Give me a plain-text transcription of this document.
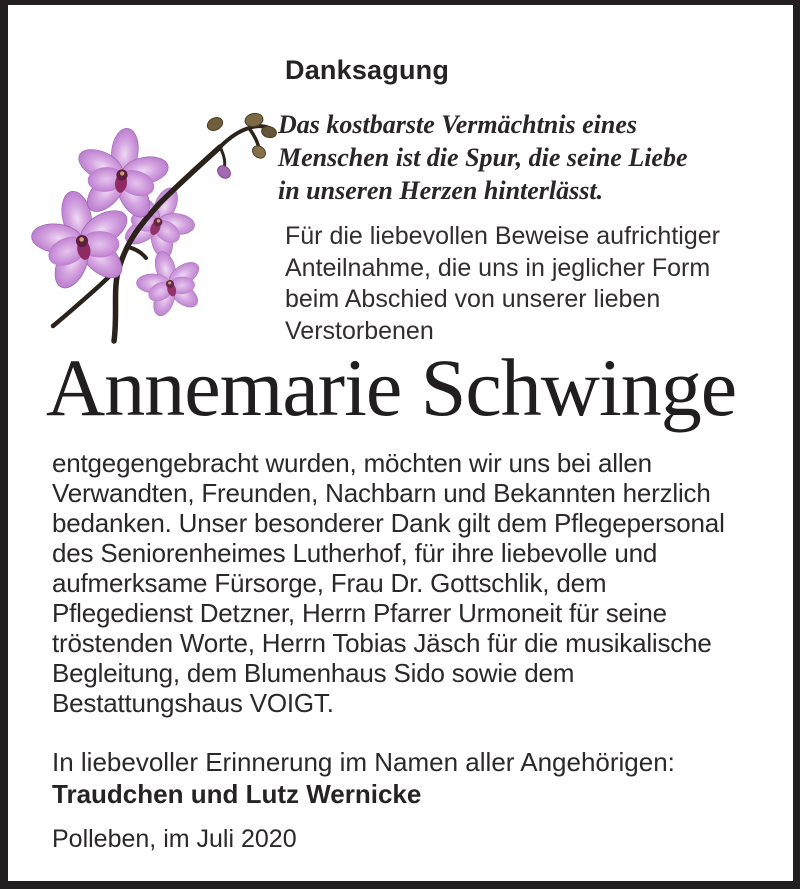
Danksagung
Das kostbarste Vermächtnis eines
Menschen ist die Spur, die seine Liebe
in unseren Herzen hinterlässt.
Für die liebevollen Beweise aufrichtiger
Anteilnahme, die uns in jeglicher Form
beim Abschied von unserer lieben
Verstorbenen
Annemarie Schwinge
entgegengebracht wurden, möchten wir uns bei allen
Verwandten, Freunden, Nachbarn und Bekannten herzlich
bedanken. Unser besonderer Dank gilt dem Pflegepersonal
des Seniorenheimes Lutherhof, für ihre liebevolle und
aufmerksame Fürsorge, Frau Dr. Gottschlik, dem
Pflegedienst Detzner, Herrn Pfarrer Urmoneit für seine
tröstenden Worte, Herrn Tobias Jäsch für die musikalische
Begleitung, dem Blumenhaus Sido sowie dem
Bestattungshaus VOIGT.
In liebevoller Erinnerung im Namen aller Angehörigen:
Traudchen und Lutz Wernicke
Polleben, im Juli 2020
